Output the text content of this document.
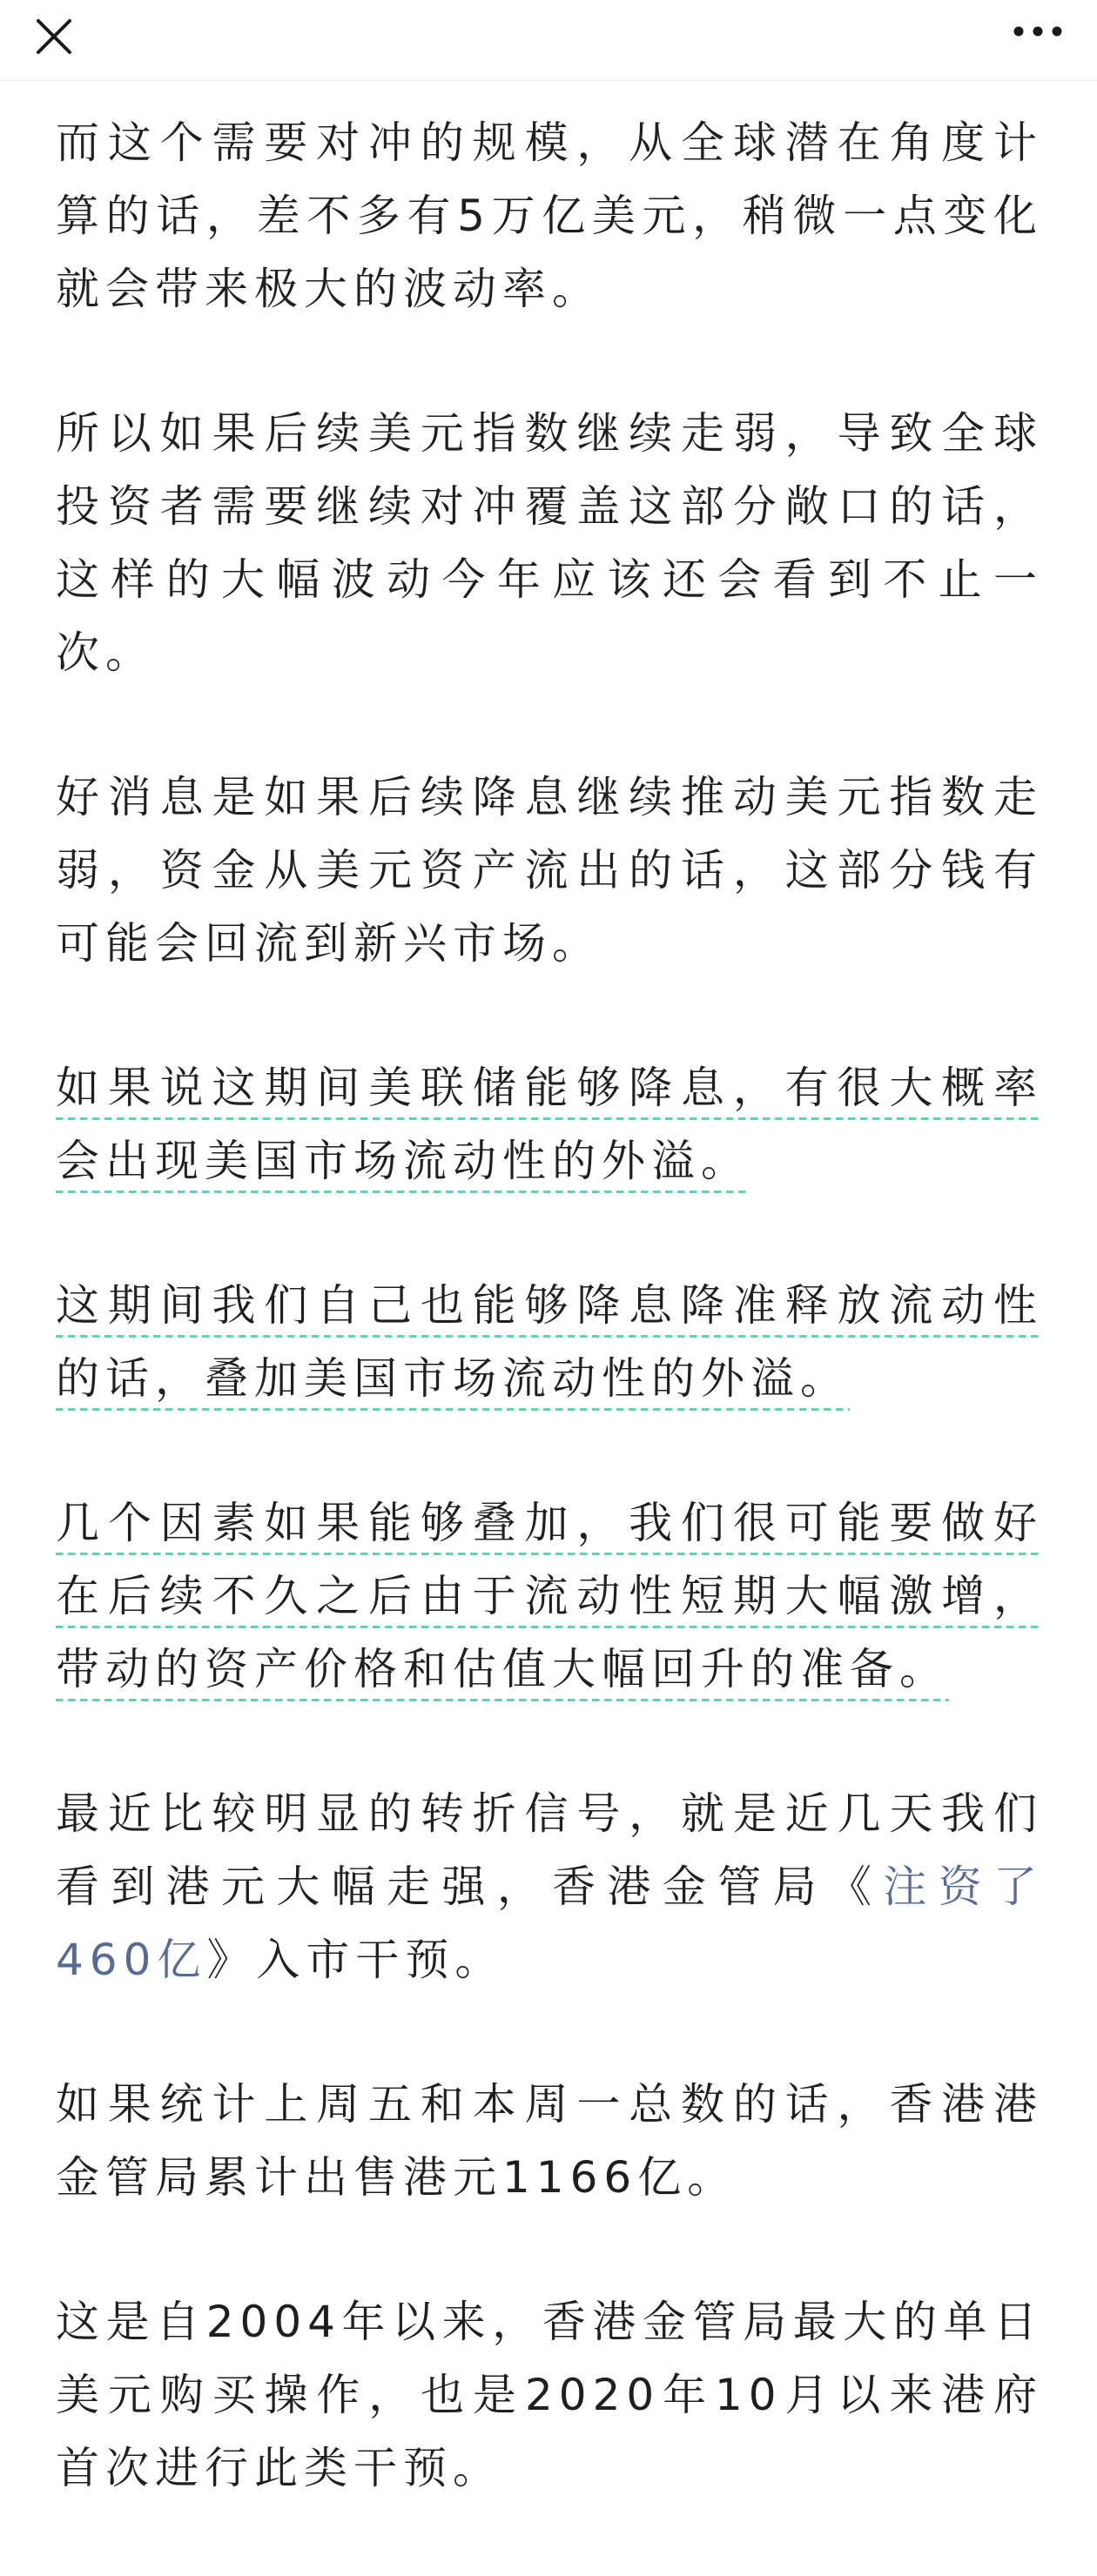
而这个需要对冲的规模，从全球潜在角度计算的话，差不多有5万亿美元，稍微一点变化就会带来极大的波动率。

所以如果后续美元指数继续走弱，导致全球投资者需要继续对冲覆盖这部分敞口的话，这样的大幅波动今年应该还会看到不止一次。

好消息是如果后续降息继续推动美元指数走弱，资金从美元资产流出的话，这部分钱有可能会回流到新兴市场。

如果说这期间美联储能够降息，有很大概率会出现美国市场流动性的外溢。

这期间我们自己也能够降息降准释放流动性的话，叠加美国市场流动性的外溢。

几个因素如果能够叠加，我们很可能要做好在后续不久之后由于流动性短期大幅激增，带动的资产价格和估值大幅回升的准备。

最近比较明显的转折信号，就是近几天我们看到港元大幅走强，香港金管局《注资了460亿》入市干预。

如果统计上周五和本周一总数的话，香港港金管局累计出售港元1166亿。

这是自2004年以来，香港金管局最大的单日美元购买操作，也是2020年10月以来港府首次进行此类干预。
